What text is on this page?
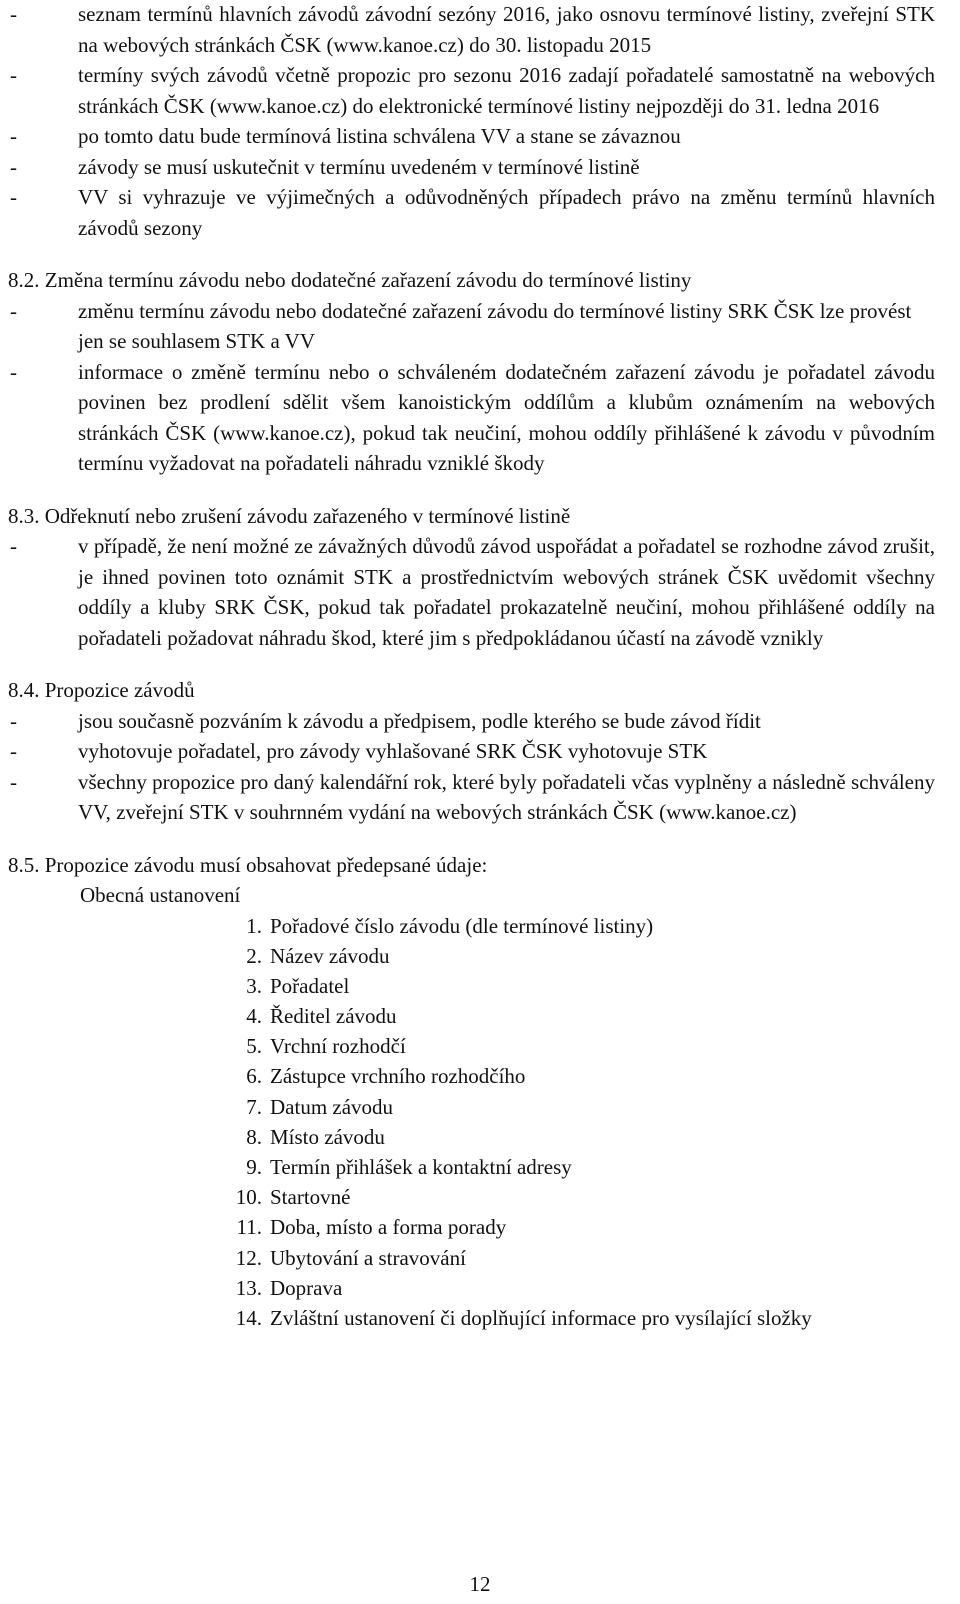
-	seznam termínů hlavních závodů závodní sezóny 2016, jako osnovu termínové listiny, zveřejní STK na webových stránkách ČSK (www.kanoe.cz) do 30. listopadu 2015
-	termíny svých závodů včetně propozic pro sezonu 2016 zadají pořadatelé samostatně na webových stránkách ČSK (www.kanoe.cz) do elektronické termínové listiny nejpozději do 31. ledna 2016
-	po tomto datu bude termínová listina schválena VV a stane se závaznou
-	závody se musí uskutečnit v termínu uvedeném v termínové listině
-	VV si vyhrazuje ve výjimečných a odůvodněných případech právo na změnu termínů hlavních závodů sezony
8.2. Změna termínu závodu nebo dodatečné zařazení závodu do termínové listiny
-	změnu termínu závodu nebo dodatečné zařazení závodu do termínové listiny SRK ČSK lze provést jen se souhlasem STK a VV
-	informace o změně termínu nebo o schváleném dodatečném zařazení závodu je pořadatel závodu povinen bez prodlení sdělit všem kanoistickým oddílům a klubům oznámením na webových stránkách ČSK (www.kanoe.cz), pokud tak neučiní, mohou oddíly přihlášené k závodu v původním termínu vyžadovat na pořadateli náhradu vzniklé škody
8.3. Odřeknutí nebo zrušení závodu zařazeného v termínové listině
-	v případě, že není možné ze závažných důvodů závod uspořádat a pořadatel se rozhodne závod zrušit, je ihned povinen toto oznámit STK a prostřednictvím webových stránek ČSK uvědomit všechny oddíly a kluby SRK ČSK, pokud tak pořadatel prokazatelně neučiní, mohou přihlášené oddíly na pořadateli požadovat náhradu škod, které jim s předpokládanou účastí na závodě vznikly
8.4. Propozice závodů
-	jsou současně pozváním k závodu a předpisem, podle kterého se bude závod řídit
-	vyhotovuje pořadatel, pro závody vyhlašované SRK ČSK vyhotovuje STK
-	všechny propozice pro daný kalendářní rok, které byly pořadateli včas vyplněny a následně schváleny VV, zveřejní STK v souhrnném vydání na webových stránkách ČSK (www.kanoe.cz)
8.5. Propozice závodu musí obsahovat předepsané údaje:
Obecná ustanovení
1. Pořadové číslo závodu (dle termínové listiny)
2. Název závodu
3. Pořadatel
4. Ředitel závodu
5. Vrchní rozhodčí
6. Zástupce vrchního rozhodčího
7. Datum závodu
8. Místo závodu
9. Termín přihlášek a kontaktní adresy
10. Startovné
11. Doba, místo a forma porady
12. Ubytování a stravování
13. Doprava
14. Zvláštní ustanovení či doplňující informace pro vysílající složky
12
